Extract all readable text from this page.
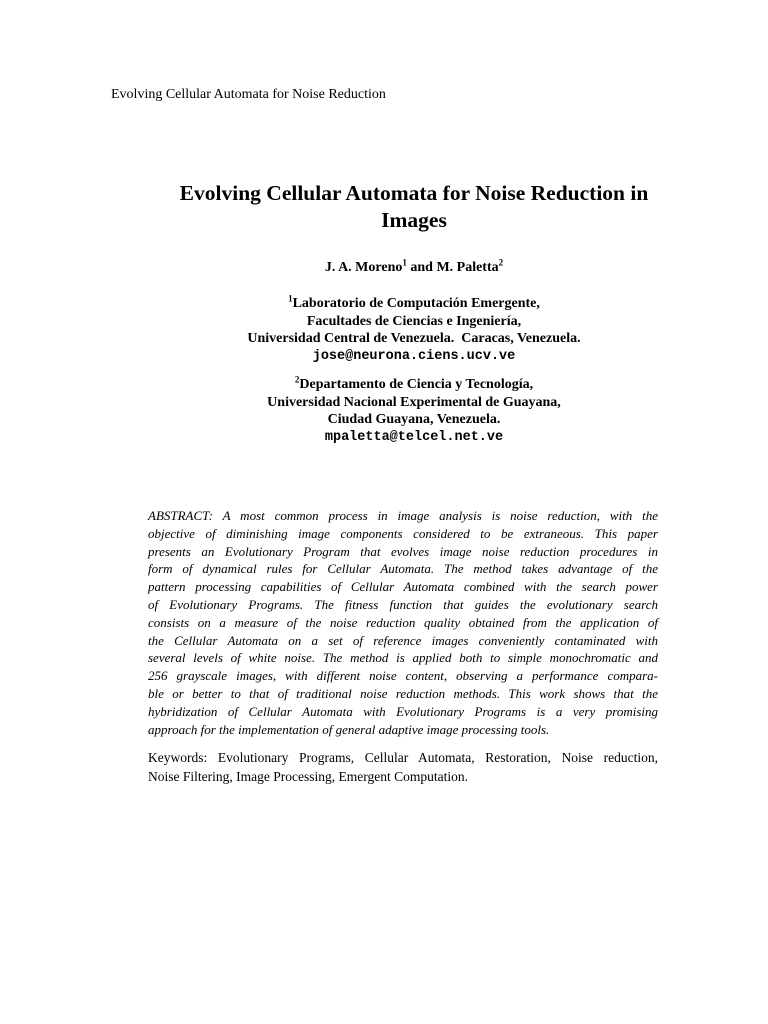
Evolving Cellular Automata for Noise Reduction
Evolving Cellular Automata for Noise Reduction in
Images
J. A. Moreno$^1$ and M. Paletta$^2$
$^1$Laboratorio de Computación Emergente,
Facultades de Ciencias e Ingeniería,
Universidad Central de Venezuela.  Caracas, Venezuela.
jose@neurona.ciens.ucv.ve
$^2$Departamento de Ciencia y Tecnología,
Universidad Nacional Experimental de Guayana,
Ciudad Guayana, Venezuela.
mpaletta@telcel.net.ve
ABSTRACT: A most common process in image analysis is noise reduction, with the
objective of diminishing image components considered to be extraneous. This paper
presents an Evolutionary Program that evolves image noise reduction procedures in
form of dynamical rules for Cellular Automata. The method takes advantage of the
pattern processing capabilities of Cellular Automata combined with the search power
of Evolutionary Programs. The fitness function that guides the evolutionary search
consists on a measure of the noise reduction quality obtained from the application of
the Cellular Automata on a set of reference images conveniently contaminated with
several levels of white noise. The method is applied both to simple monochromatic and
256 grayscale images, with different noise content, observing a performance compara-
ble or better to that of traditional noise reduction methods. This work shows that the
hybridization of Cellular Automata with Evolutionary Programs is a very promising
approach for the implementation of general adaptive image processing tools.
Keywords: Evolutionary Programs, Cellular Automata, Restoration, Noise reduction,
Noise Filtering, Image Processing, Emergent Computation.
